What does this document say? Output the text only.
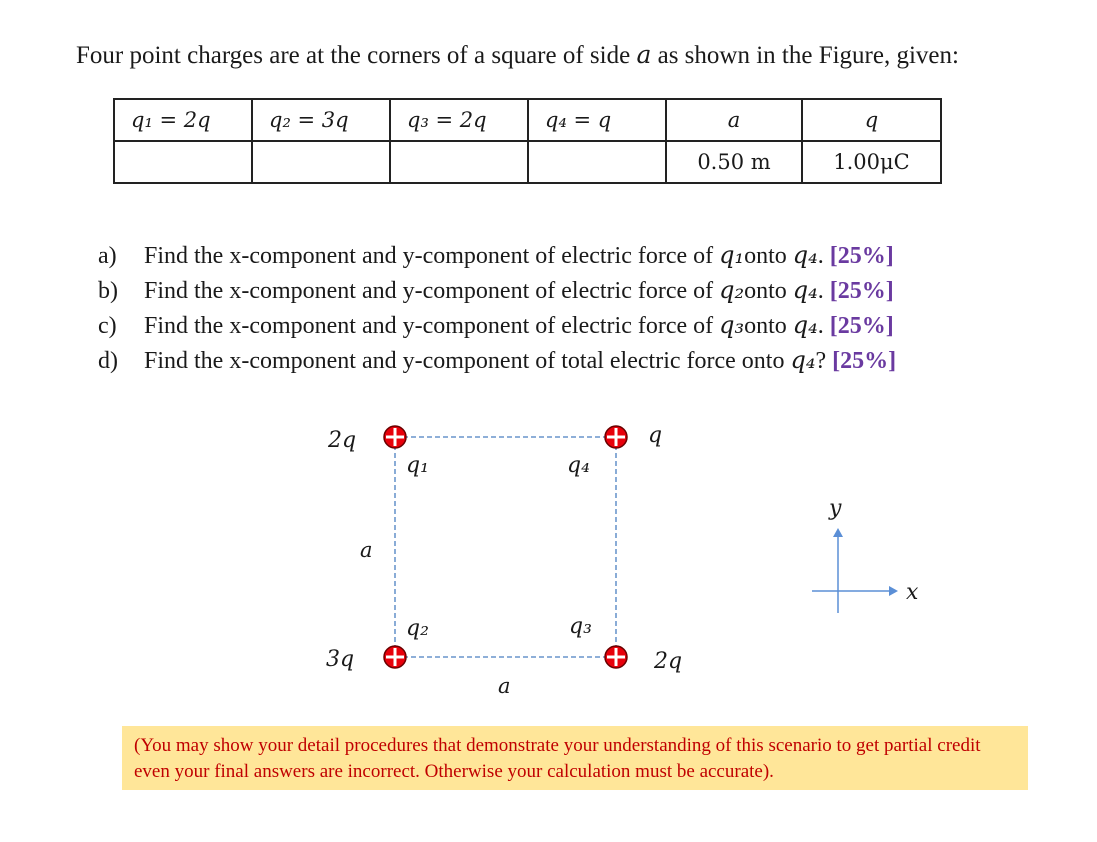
Four point charges are at the corners of a square of side a as shown in the Figure, given:
q₁ = 2q	q₂ = 3q	q₃ = 2q	q₄ = q	a	q
				0.50 m	1.00μC
a) Find the x-component and y-component of electric force of q₁onto q₄. [25%]
b) Find the x-component and y-component of electric force of q₂onto q₄. [25%]
c) Find the x-component and y-component of electric force of q₃onto q₄. [25%]
d) Find the x-component and y-component of total electric force onto q₄? [25%]
2q
q₁
q
q₄
3q
q₂
2q
q₃
a
a
y
x
(You may show your detail procedures that demonstrate your understanding of this scenario to get partial credit even your final answers are incorrect. Otherwise your calculation must be accurate).
